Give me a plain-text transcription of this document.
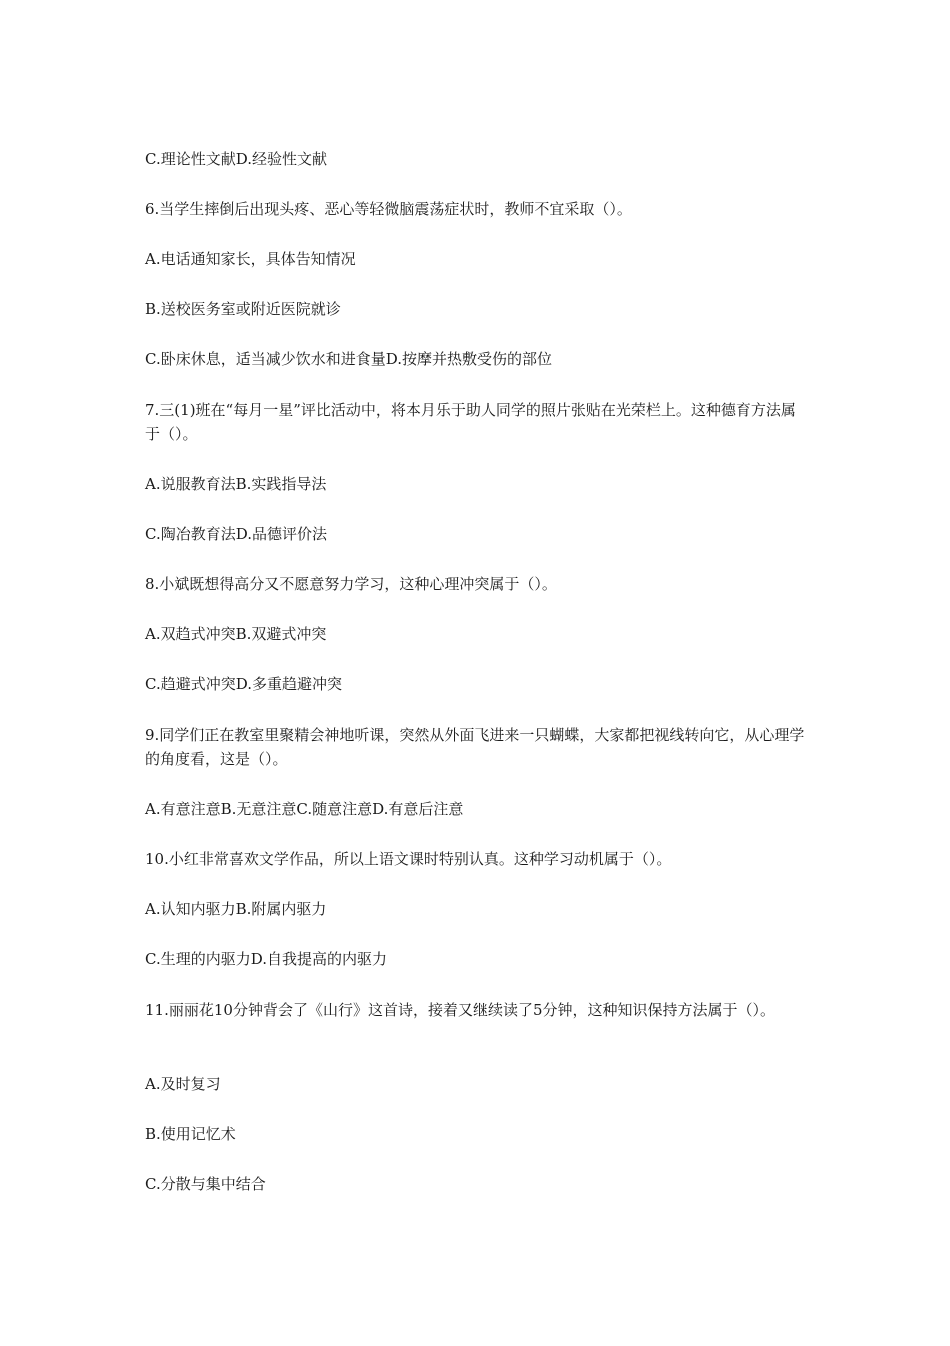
C.理论性文献D.经验性文献
6.当学生摔倒后出现头疼、恶心等轻微脑震荡症状时，教师不宜采取（）。
A.电话通知家长，具体告知情况
B.送校医务室或附近医院就诊
C.卧床休息，适当减少饮水和进食量D.按摩并热敷受伤的部位
7.三(1)班在“每月一星”评比活动中，将本月乐于助人同学的照片张贴在光荣栏上。这种德育方法属于（）。
A.说服教育法B.实践指导法
C.陶冶教育法D.品德评价法
8.小斌既想得高分又不愿意努力学习，这种心理冲突属于（）。
A.双趋式冲突B.双避式冲突
C.趋避式冲突D.多重趋避冲突
9.同学们正在教室里聚精会神地听课，突然从外面飞进来一只蝴蝶，大家都把视线转向它，从心理学的角度看，这是（）。
A.有意注意B.无意注意C.随意注意D.有意后注意
10.小红非常喜欢文学作品，所以上语文课时特别认真。这种学习动机属于（）。
A.认知内驱力B.附属内驱力
C.生理的内驱力D.自我提高的内驱力
11.丽丽花10分钟背会了《山行》这首诗，接着又继续读了5分钟，这种知识保持方法属于（）。
A.及时复习
B.使用记忆术
C.分散与集中结合
